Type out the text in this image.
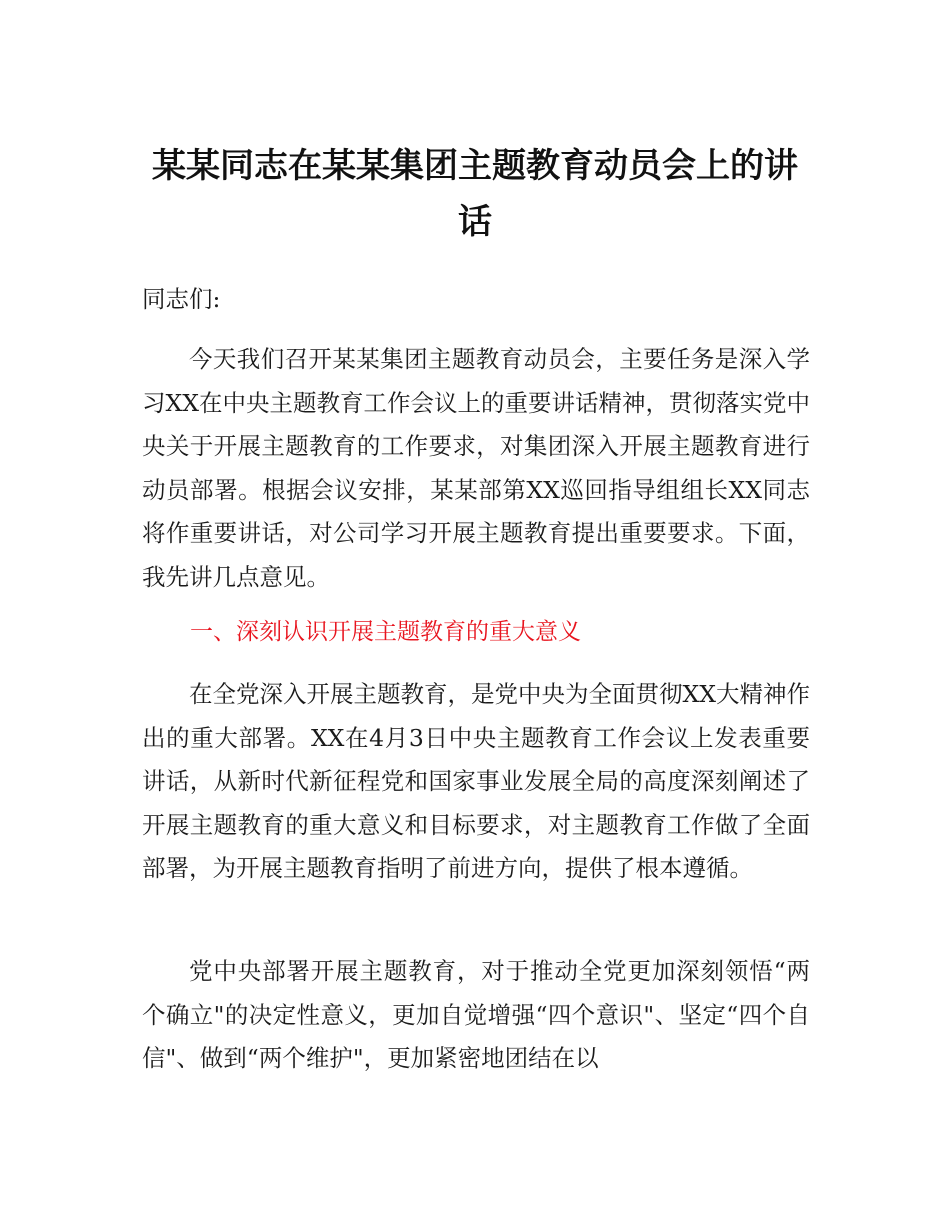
某某同志在某某集团主题教育动员会上的讲话

同志们:

今天我们召开某某集团主题教育动员会，主要任务是深入学习XX在中央主题教育工作会议上的重要讲话精神，贯彻落实党中央关于开展主题教育的工作要求，对集团深入开展主题教育进行动员部署。根据会议安排，某某部第XX巡回指导组组长XX同志将作重要讲话，对公司学习开展主题教育提出重要要求。下面，我先讲几点意见。

一、深刻认识开展主题教育的重大意义

在全党深入开展主题教育，是党中央为全面贯彻XX大精神作出的重大部署。XX在4月3日中央主题教育工作会议上发表重要讲话，从新时代新征程党和国家事业发展全局的高度深刻阐述了开展主题教育的重大意义和目标要求，对主题教育工作做了全面部署，为开展主题教育指明了前进方向，提供了根本遵循。

党中央部署开展主题教育，对于推动全党更加深刻领悟“两个确立"的决定性意义，更加自觉增强“四个意识"、坚定“四个自信"、做到“两个维护"，更加紧密地团结在以
